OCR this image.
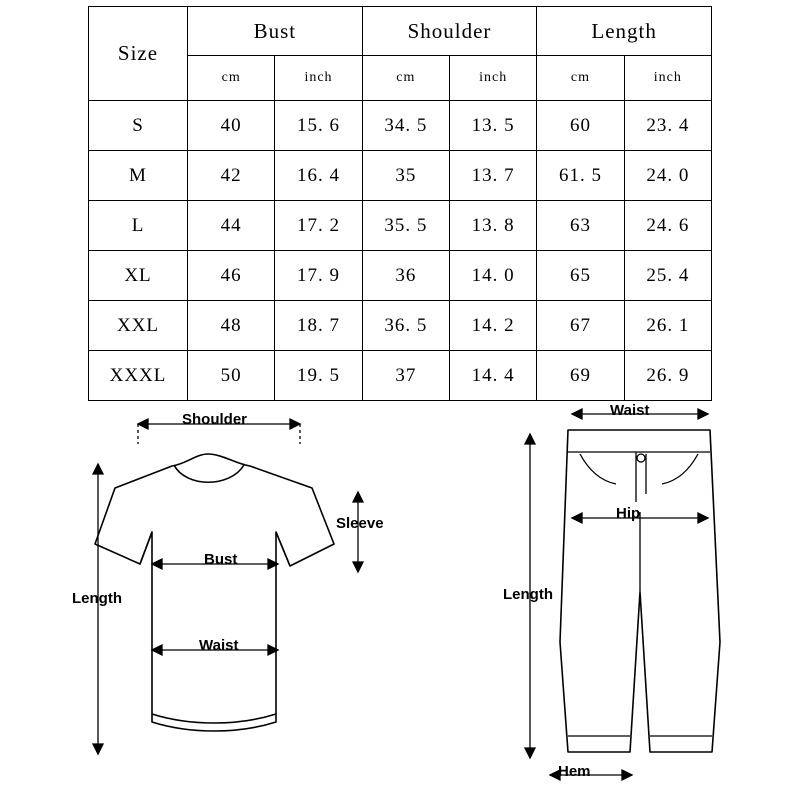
Size	Bust		Shoulder		Length	
	cm	inch	cm	inch	cm	inch
S	40	15. 6	34. 5	13. 5	60	23. 4
M	42	16. 4	35	13. 7	61. 5	24. 0
L	44	17. 2	35. 5	13. 8	63	24. 6
XL	46	17. 9	36	14. 0	65	25. 4
XXL	48	18. 7	36. 5	14. 2	67	26. 1
XXXL	50	19. 5	37	14. 4	69	26. 9
Shoulder
Sleeve
Bust
Waist
Length
Waist
Hip
Length
Hem
